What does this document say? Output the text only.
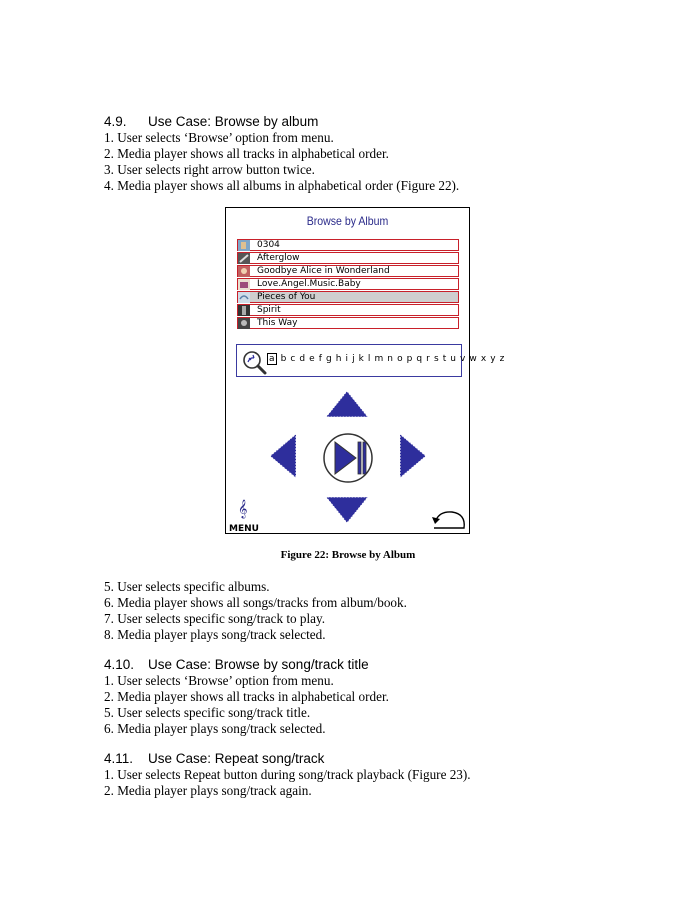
4.9. Use Case: Browse by album
1. User selects ‘Browse’ option from menu.
2. Media player shows all tracks in alphabetical order.
3. User selects right arrow button twice.
4. Media player shows all albums in alphabetical order (Figure 22).
Browse by Album
0304
Afterglow
Goodbye Alice in Wonderland
Love.Angel.Music.Baby
Pieces of You
Spirit
This Way
a b c d e f g h i j k l m n o p q r s t u v w x y z
𝄞
MENU
Figure 22: Browse by Album
5. User selects specific albums.
6. Media player shows all songs/tracks from album/book.
7. User selects specific song/track to play.
8. Media player plays song/track selected.
4.10. Use Case: Browse by song/track title
1. User selects ‘Browse’ option from menu.
2. Media player shows all tracks in alphabetical order.
5. User selects specific song/track title.
6. Media player plays song/track selected.
4.11. Use Case: Repeat song/track
1. User selects Repeat button during song/track playback (Figure 23).
2. Media player plays song/track again.
